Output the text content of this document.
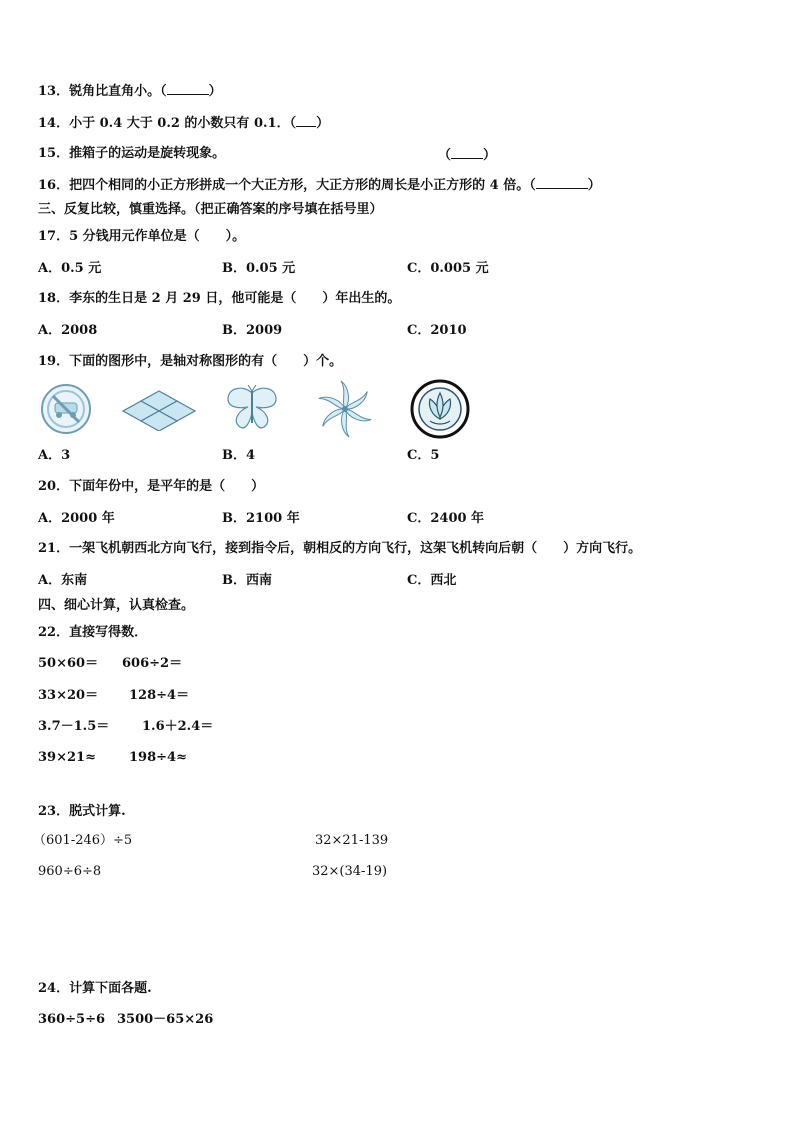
13．锐角比直角小。（	）
14．小于 0.4 大于 0.2 的小数只有 0.1．（ ）
15．推箱子的运动是旋转现象。	（ ）
16．把四个相同的小正方形拼成一个大正方形，大正方形的周长是小正方形的 4 倍。（	）
三、反复比较，慎重选择。（把正确答案的序号填在括号里）
17．5 分钱用元作单位是（　　）。
A．0.5 元	B．0.05 元	C．0.005 元
18．李东的生日是 2 月 29 日，他可能是（　　）年出生的。
A．2008	B．2009	C．2010
19．下面的图形中，是轴对称图形的有（　　）个。
A．3	B．4	C．5
20．下面年份中，是平年的是（　　）
A．2000 年	B．2100 年	C．2400 年
21．一架飞机朝西北方向飞行，接到指令后，朝相反的方向飞行，这架飞机转向后朝（　　）方向飞行。
A．东南	B．西南	C．西北
四、细心计算，认真检查。
22．直接写得数．
50×60＝ 606÷2＝
33×20＝ 128÷4＝
3.7－1.5＝	1.6＋2.4＝
39×21≈	198÷4≈
23．脱式计算.
（601-246）÷5	32×21-139
960÷6÷8	32×(34-19)
24．计算下面各题.
360÷5÷6 3500－65×26
